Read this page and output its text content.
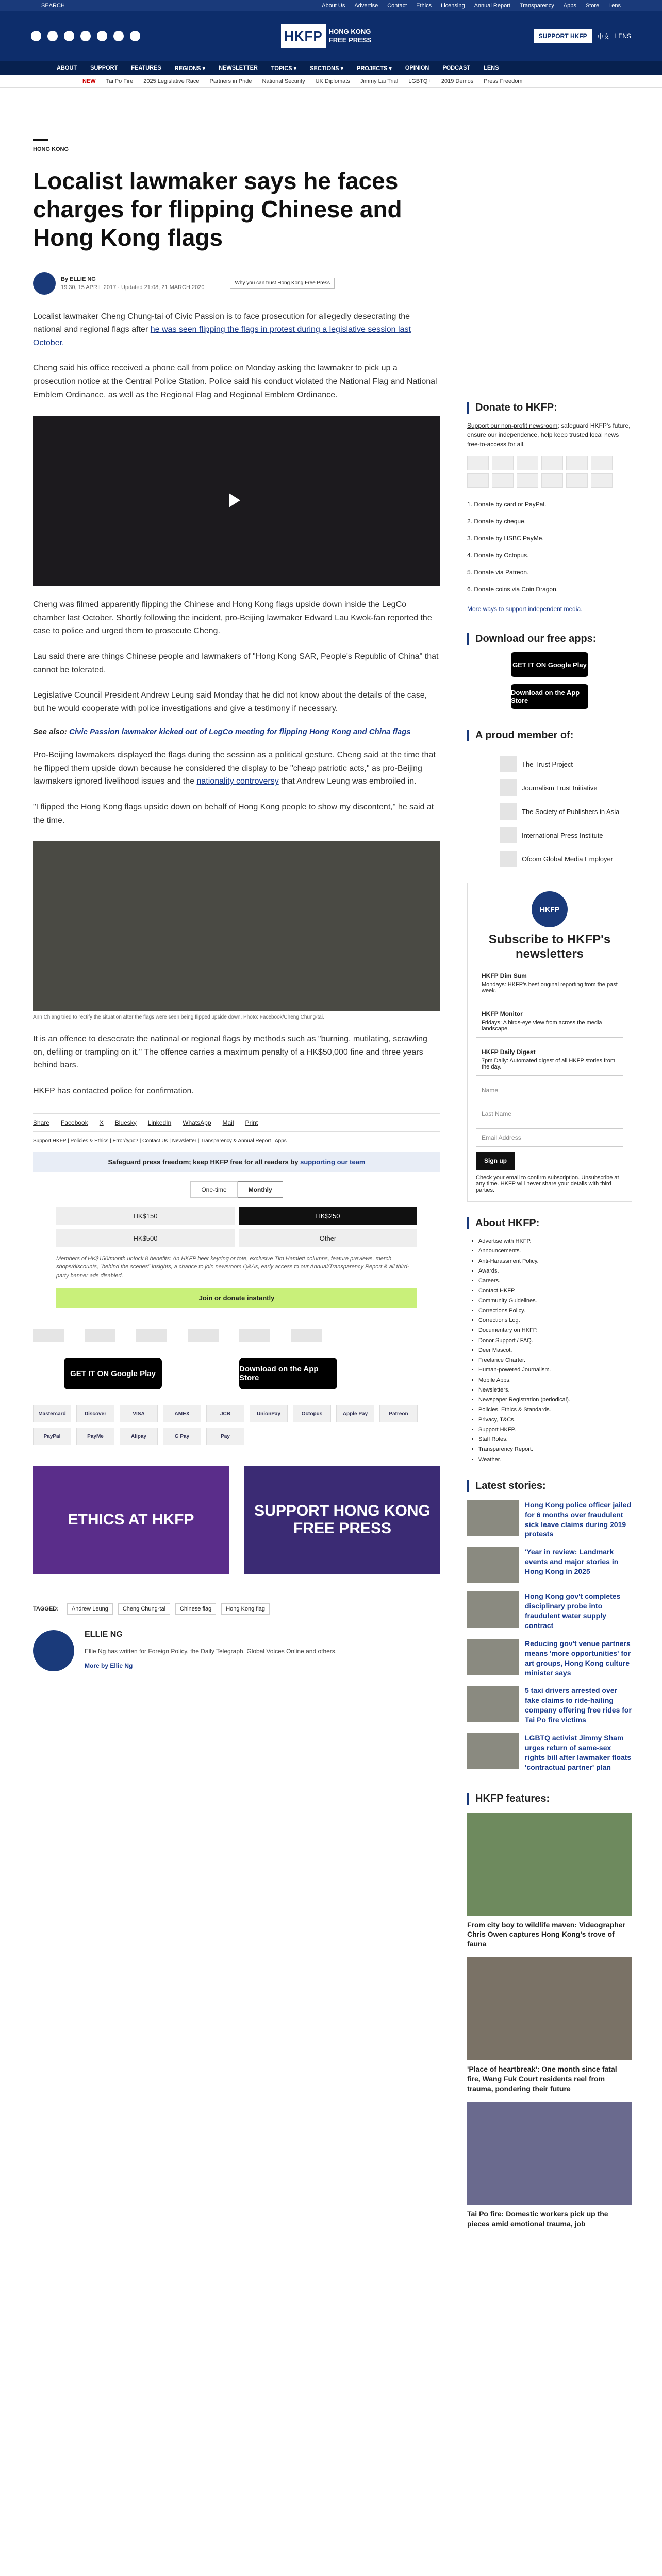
SEARCH	About Us Advertise Contact Ethics Licensing Annual Report Transparency Apps Store Lens
HKFP HONG KONG
FREE PRESS	SUPPORT HKFP	中文 LENS
ABOUT SUPPORT FEATURES REGIONS ▾ NEWSLETTER TOPICS ▾ SECTIONS ▾ PROJECTS ▾ OPINION PODCAST LENS
NEW Tai Po Fire 2025 Legislative Race Partners in Pride National Security UK Diplomats Jimmy Lai Trial LGBTQ+ 2019 Demos Press Freedom
HONG KONG
Localist lawmaker says he faces charges for flipping Chinese and Hong Kong flags
By ELLIE NG
19:30, 15 APRIL 2017 · Updated 21:08, 21 MARCH 2020
Why you can trust Hong Kong Free Press

Localist lawmaker Cheng Chung-tai of Civic Passion is to face prosecution for allegedly desecrating the national and regional flags after he was seen flipping the flags in protest during a legislative session last October.

Cheng said his office received a phone call from police on Monday asking the lawmaker to pick up a prosecution notice at the Central Police Station. Police said his conduct violated the National Flag and National Emblem Ordinance, as well as the Regional Flag and Regional Emblem Ordinance.

Cheng was filmed apparently flipping the Chinese and Hong Kong flags upside down inside the LegCo chamber last October. Shortly following the incident, pro-Beijing lawmaker Edward Lau Kwok-fan reported the case to police and urged them to prosecute Cheng.

Lau said there are things Chinese people and lawmakers of "Hong Kong SAR, People's Republic of China" that cannot be tolerated.

Legislative Council President Andrew Leung said Monday that he did not know about the details of the case, but he would cooperate with police investigations and give a testimony if necessary.

See also: Civic Passion lawmaker kicked out of LegCo meeting for flipping Hong Kong and China flags

Pro-Beijing lawmakers displayed the flags during the session as a political gesture. Cheng said at the time that he flipped them upside down because he considered the display to be "cheap patriotic acts," as pro-Beijing lawmakers ignored livelihood issues and the nationality controversy that Andrew Leung was embroiled in.

"I flipped the Hong Kong flags upside down on behalf of Hong Kong people to show my discontent," he said at the time.

Ann Chiang tried to rectify the situation after the flags were seen being flipped upside down. Photo: Facebook/Cheng Chung-tai.

It is an offence to desecrate the national or regional flags by methods such as "burning, mutilating, scrawling on, defiling or trampling on it." The offence carries a maximum penalty of a HK$50,000 fine and three years behind bars.

HKFP has contacted police for confirmation.

Share Facebook X Bluesky LinkedIn WhatsApp Mail Print
Support HKFP | Policies & Ethics | Error/typo? | Contact Us | Newsletter | Transparency & Annual Report | Apps
Safeguard press freedom; keep HKFP free for all readers by supporting our team
One-time	Monthly
HK$150	HK$250
HK$500	Other
Members of HK$150/month unlock 8 benefits: An HKFP beer keyring or tote, exclusive Tim Hamlett columns, feature previews, merch shops/discounts, "behind the scenes" insights, a chance to join newsroom Q&As, early access to our Annual/Transparency Report & all third-party banner ads disabled.
Join or donate instantly
GET IT ON Google Play	Download on the App Store
Mastercard	Discover	VISA	AMEX	JCB	UnionPay	Octopus	Apple Pay	Patreon
PayPal	PayMe	Alipay	G Pay	Pay
ETHICS AT HKFP
SUPPORT HONG KONG FREE PRESS
TAGGED:	Andrew Leung	Cheng Chung-tai	Chinese flag	Hong Kong flag
ELLIE NG

Ellie Ng has written for Foreign Policy, the Daily Telegraph, Global Voices Online and others.

More by Ellie Ng
Donate to HKFP:
Support our non-profit newsroom; safeguard HKFP's future, ensure our independence, help keep trusted local news free-to-access for all.
1. Donate by card or PayPal.
2. Donate by cheque.
3. Donate by HSBC PayMe.
4. Donate by Octopus.
5. Donate via Patreon.
6. Donate coins via Coin Dragon.
More ways to support independent media.
Download our free apps:
GET IT ON Google Play
Download on the App Store
A proud member of:
The Trust Project
Journalism Trust Initiative
The Society of Publishers in Asia
International Press Institute
Ofcom Global Media Employer
HKFP
Subscribe to HKFP's newsletters
HKFP Dim Sum
Mondays: HKFP's best original reporting from the past week.
HKFP Monitor
Fridays: A birds-eye view from across the media landscape.
HKFP Daily Digest
7pm Daily: Automated digest of all HKFP stories from the day.
Name
Last Name
Email Address
Sign up
Check your email to confirm subscription. Unsubscribe at any time. HKFP will never share your details with third parties.
About HKFP:
• Advertise with HKFP.
• Announcements.
• Anti-Harassment Policy.
• Awards.
• Careers.
• Contact HKFP.
• Community Guidelines.
• Corrections Policy.
• Corrections Log.
• Documentary on HKFP.
• Donor Support / FAQ.
• Deer Mascot.
• Freelance Charter.
• Human-powered Journalism.
• Mobile Apps.
• Newsletters.
• Newspaper Registration (periodical).
• Policies, Ethics & Standards.
• Privacy, T&Cs.
• Support HKFP.
• Staff Roles.
• Transparency Report.
• Weather.
Latest stories:
Hong Kong police officer jailed for 6 months over fraudulent sick leave claims during 2019 protests
'Year in review: Landmark events and major stories in Hong Kong in 2025
Hong Kong gov't completes disciplinary probe into fraudulent water supply contract
Reducing gov't venue partners means 'more opportunities' for art groups, Hong Kong culture minister says
5 taxi drivers arrested over fake claims to ride-hailing company offering free rides for Tai Po fire victims
LGBTQ activist Jimmy Sham urges return of same-sex rights bill after lawmaker floats 'contractual partner' plan
HKFP features:
From city boy to wildlife maven: Videographer Chris Owen captures Hong Kong's trove of fauna
'Place of heartbreak': One month since fatal fire, Wang Fuk Court residents reel from trauma, pondering their future
Tai Po fire: Domestic workers pick up the pieces amid emotional trauma, job
